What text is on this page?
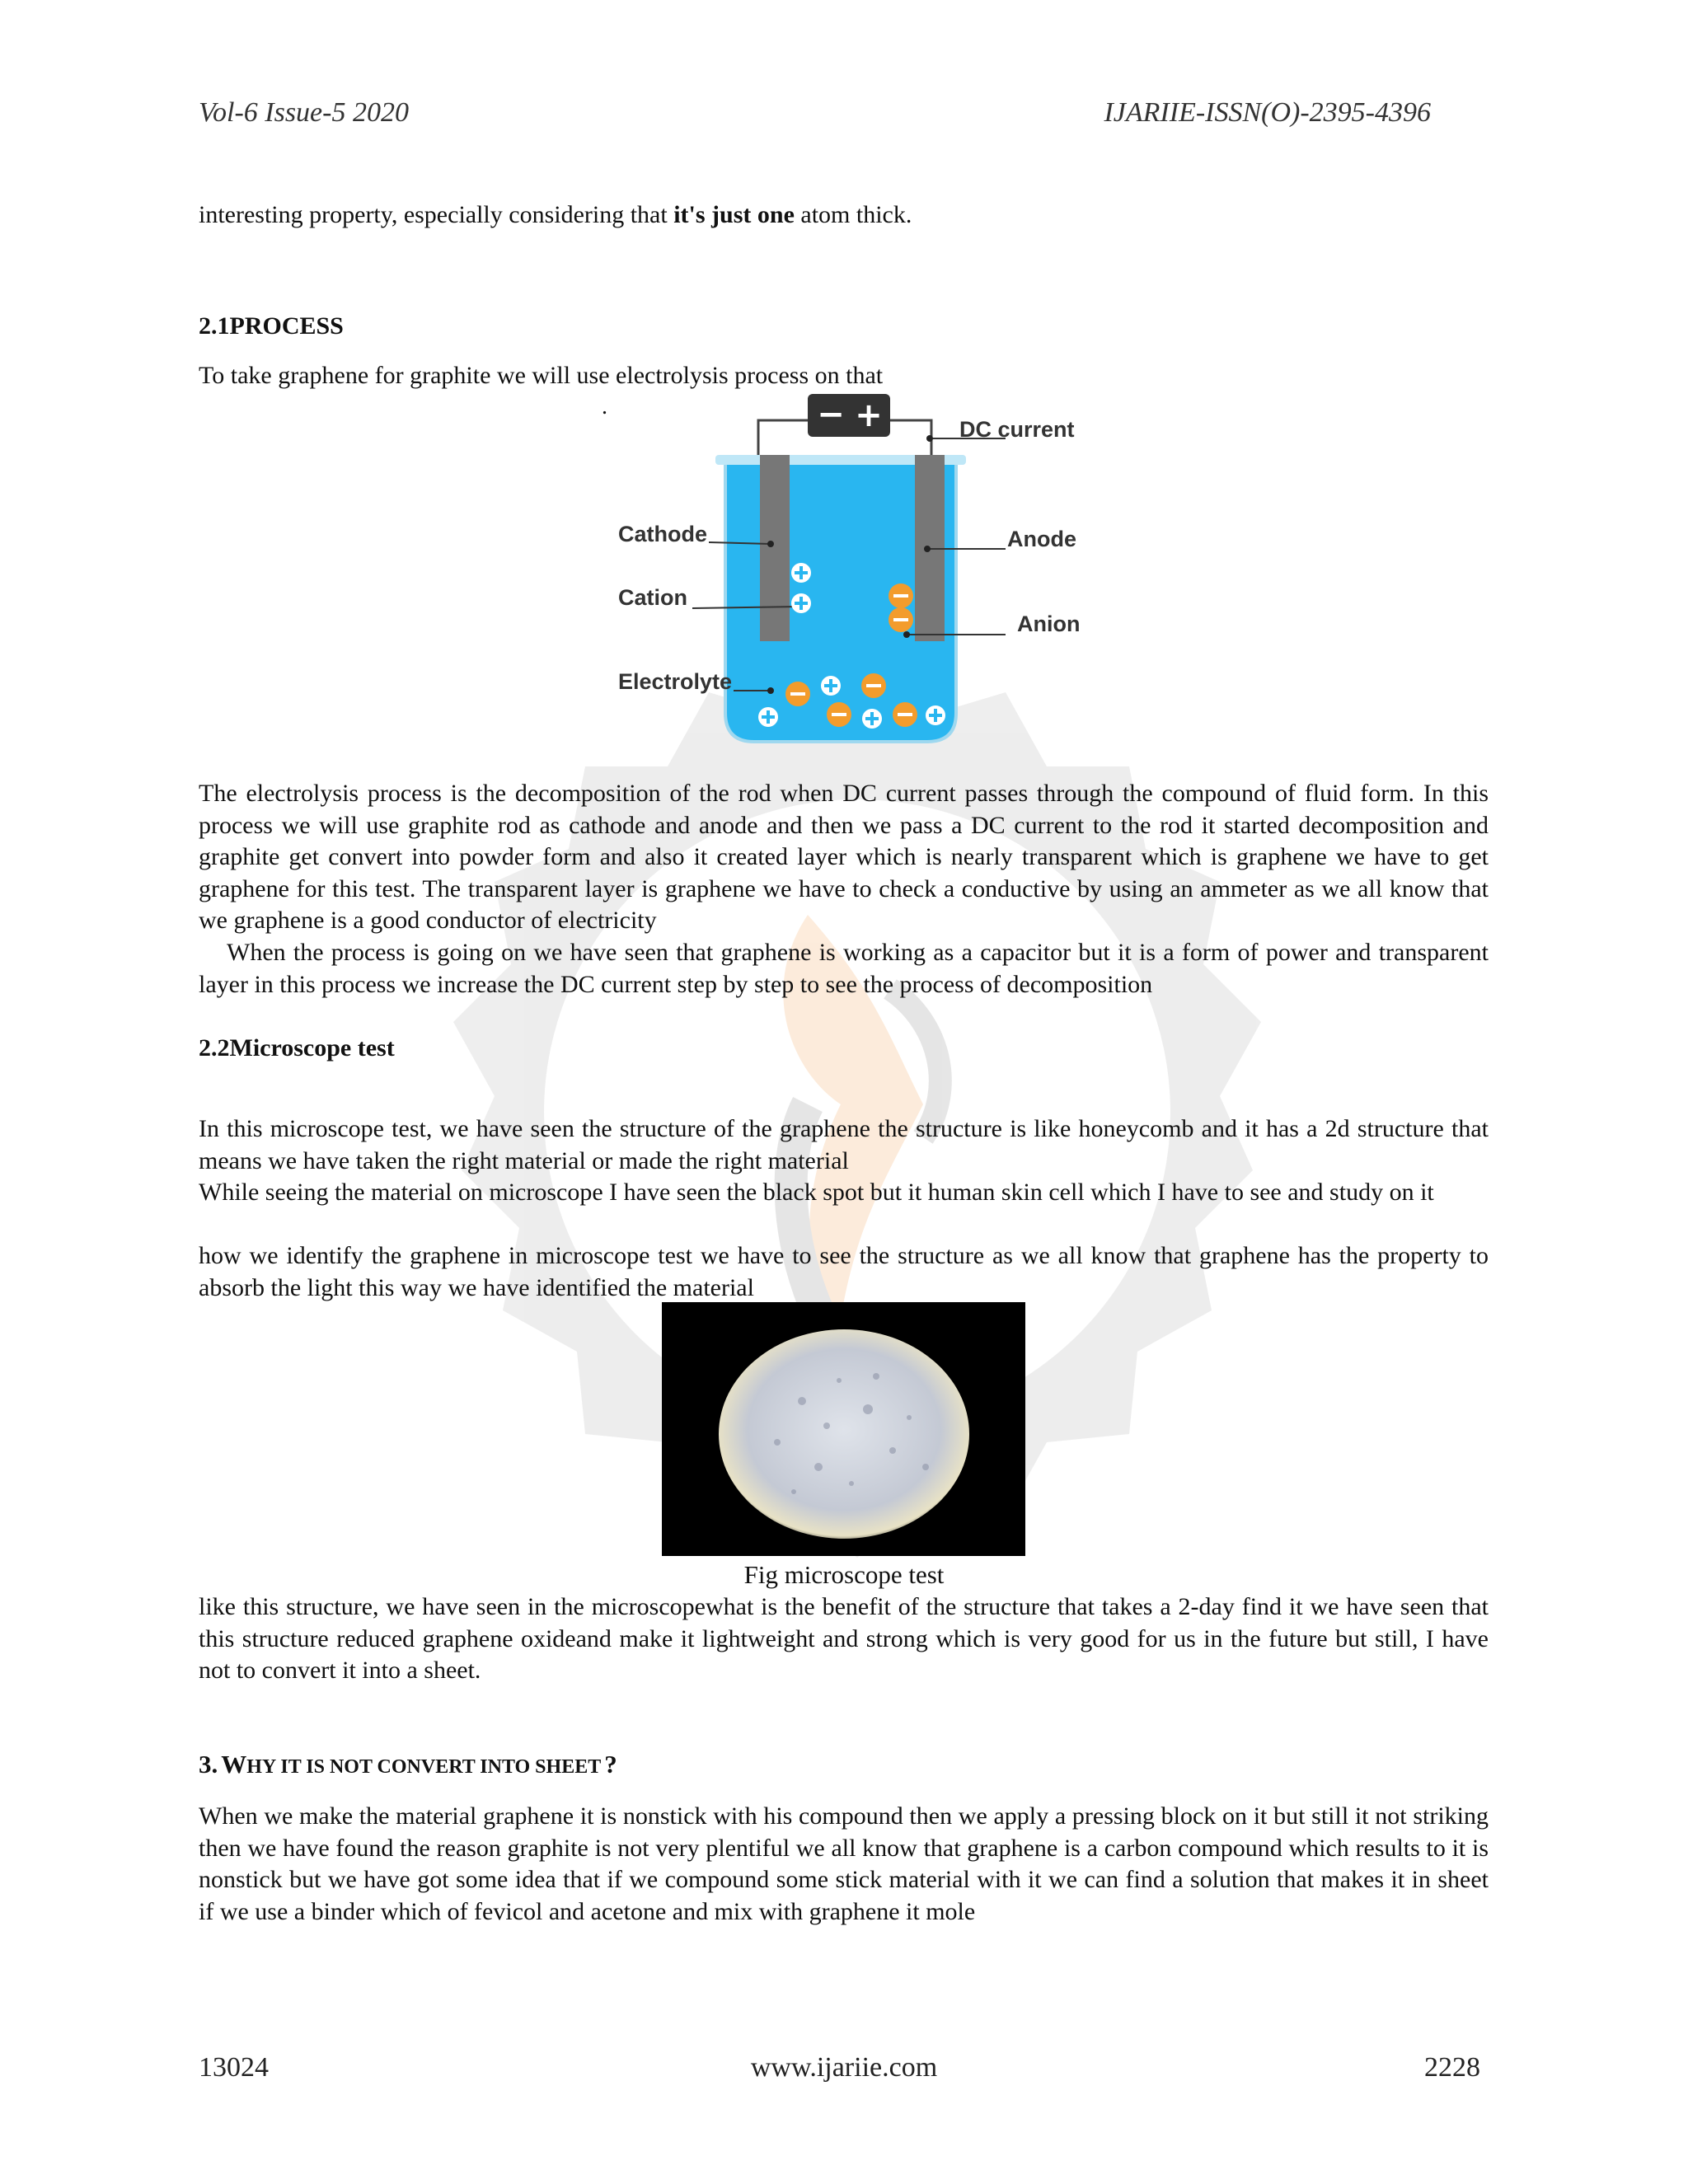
Vol-6 Issue-5 2020	IJARIIE-ISSN(O)-2395-4396
interesting property, especially considering that it's just one atom thick.
2.1PROCESS
To take graphene for graphite we will use electrolysis process on that
.	− +
Cathode
Cation
Electrolyte
Anode
Anion
DC current
The electrolysis process is the decomposition of the rod when DC current passes through the compound of fluid form. In this process we will use graphite rod as cathode and anode and then we pass a DC current to the rod it started decomposition and graphite get convert into powder form and also it created layer which is nearly transparent which is graphene we have to get graphene for this test. The transparent layer is graphene we have to check a conductive by using an ammeter as we all know that we graphene is a good conductor of electricity
When the process is going on we have seen that graphene is working as a capacitor but it is a form of power and transparent layer in this process we increase the DC current step by step to see the process of decomposition
2.2Microscope test
In this microscope test, we have seen the structure of the graphene the structure is like honeycomb and it has a 2d structure that means we have taken the right material or made the right material
While seeing the material on microscope I have seen the black spot but it human skin cell which I have to see and study on it
how we identify the graphene in microscope test we have to see the structure as we all know that graphene has the property to absorb the light this way we have identified the material
Fig microscope test
like this structure, we have seen in the microscopewhat is the benefit of the structure that takes a 2-day find it we have seen that this structure reduced graphene oxideand make it lightweight and strong which is very good for us in the future but still, I have not to convert it into a sheet.
3. WHY IT IS NOT CONVERT INTO SHEET ?
When we make the material graphene it is nonstick with his compound then we apply a pressing block on it but still it not striking then we have found the reason graphite is not very plentiful we all know that graphene is a carbon compound which results to it is nonstick but we have got some idea that if we compound some stick material with it we can find a solution that makes it in sheet if we use a binder which of fevicol and acetone and mix with graphene it mole
13024	www.ijariie.com	2228
